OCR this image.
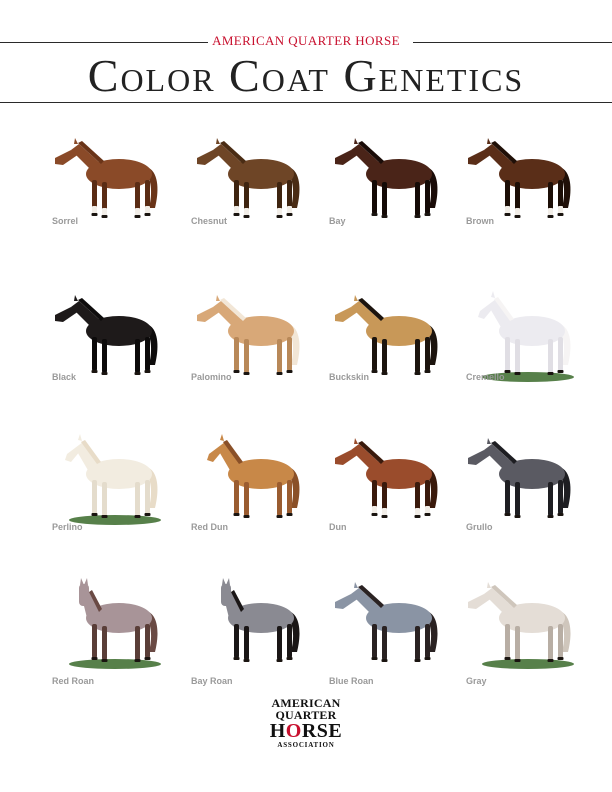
AMERICAN QUARTER HORSE
Color Coat Genetics
Sorrel	Chesnut	Bay	Brown
Black	Palomino	Buckskin	Cremello
Perlino	Red Dun	Dun	Grullo
Red Roan	Bay Roan	Blue Roan	Gray
AMERICAN
QUARTER
HORSE
ASSOCIATION
